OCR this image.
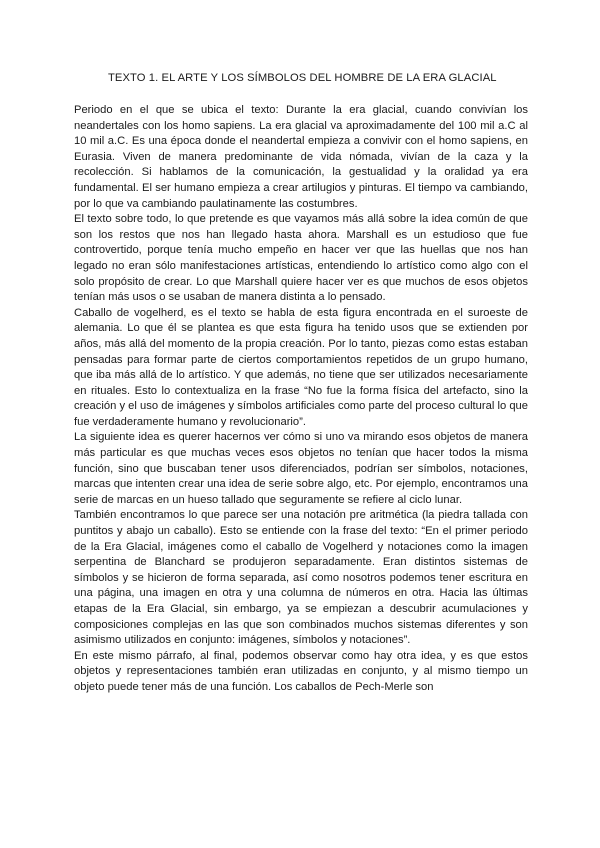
TEXTO 1. EL ARTE Y LOS SÍMBOLOS DEL HOMBRE DE LA ERA GLACIAL

Periodo en el que se ubica el texto: Durante la era glacial, cuando convivían los neandertales con los homo sapiens. La era glacial va aproximadamente del 100 mil a.C al 10 mil a.C. Es una época donde el neandertal empieza a convivir con el homo sapiens, en Eurasia. Viven de manera predominante de vida nómada, vivían de la caza y la recolección. Si hablamos de la comunicación, la gestualidad y la oralidad ya era fundamental. El ser humano empieza a crear artilugios y pinturas. El tiempo va cambiando, por lo que va cambiando paulatinamente las costumbres.

El texto sobre todo, lo que pretende es que vayamos más allá sobre la idea común de que son los restos que nos han llegado hasta ahora. Marshall es un estudioso que fue controvertido, porque tenía mucho empeño en hacer ver que las huellas que nos han legado no eran sólo manifestaciones artísticas, entendiendo lo artístico como algo con el solo propósito de crear. Lo que Marshall quiere hacer ver es que muchos de esos objetos tenían más usos o se usaban de manera distinta a lo pensado.

Caballo de vogelherd, es el texto se habla de esta figura encontrada en el suroeste de alemania. Lo que él se plantea es que esta figura ha tenido usos que se extienden por años, más allá del momento de la propia creación. Por lo tanto, piezas como estas estaban pensadas para formar parte de ciertos comportamientos repetidos de un grupo humano, que iba más allá de lo artístico. Y que además, no tiene que ser utilizados necesariamente en rituales. Esto lo contextualiza en la frase “No fue la forma física del artefacto, sino la creación y el uso de imágenes y símbolos artificiales como parte del proceso cultural lo que fue verdaderamente humano y revolucionario”.

La siguiente idea es querer hacernos ver cómo si uno va mirando esos objetos de manera más particular es que muchas veces esos objetos no tenían que hacer todos la misma función, sino que buscaban tener usos diferenciados, podrían ser símbolos, notaciones, marcas que intenten crear una idea de serie sobre algo, etc. Por ejemplo, encontramos una serie de marcas en un hueso tallado que seguramente se refiere al ciclo lunar.

También encontramos lo que parece ser una notación pre aritmética (la piedra tallada con puntitos y abajo un caballo). Esto se entiende con la frase del texto: “En el primer periodo de la Era Glacial, imágenes como el caballo de Vogelherd y notaciones como la imagen serpentina de Blanchard se produjeron separadamente. Eran distintos sistemas de símbolos y se hicieron de forma separada, así como nosotros podemos tener escritura en una página, una imagen en otra y una columna de números en otra. Hacia las últimas etapas de la Era Glacial, sin embargo, ya se empiezan a descubrir acumulaciones y composiciones complejas en las que son combinados muchos sistemas diferentes y son asimismo utilizados en conjunto: imágenes, símbolos y notaciones”.

En este mismo párrafo, al final, podemos observar como hay otra idea, y es que estos objetos y representaciones también eran utilizadas en conjunto, y al mismo tiempo un objeto puede tener más de una función. Los caballos de Pech-Merle son
